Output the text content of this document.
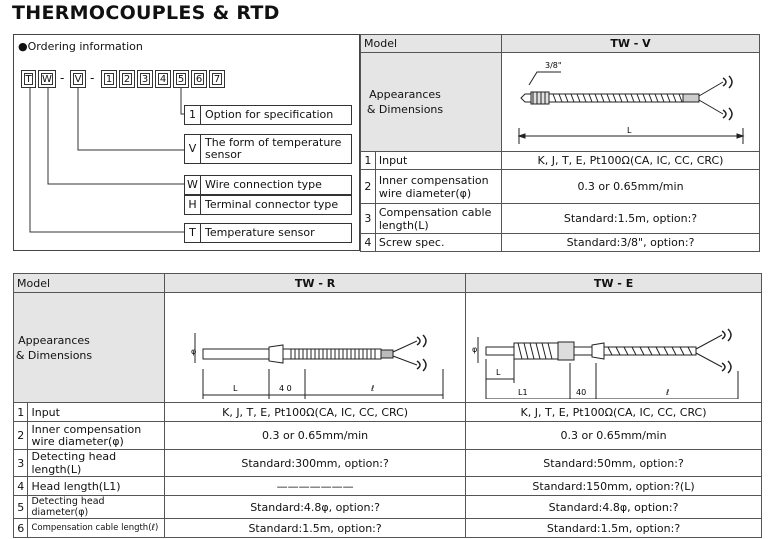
THERMOCOUPLES & RTD
●Ordering information
T W - V - 1 2 3 4 5 6 7
1 Option for specification
V The form of temperature sensor
W Wire connection type
H Terminal connector type
T Temperature sensor
Model		TW - V

Appearances & Dimensions

1	Input	K, J, T, E, Pt100Ω(CA, IC, CC, CRC)
2	Inner compensation wire diameter(φ)	0.3 or 0.65mm/min
3	Compensation cable length(L)	Standard:1.5m, option:?
4	Screw spec.	Standard:3/8", option:?
3/8"
L
Model		TW - R	TW - E

Appearances & Dimensions		φ
L 4 0 ℓ	φ
L
L1 40 ℓ

1	Input	K, J, T, E, Pt100Ω(CA, IC, CC, CRC)	K, J, T, E, Pt100Ω(CA, IC, CC, CRC)
2	Inner compensation wire diameter(φ)	0.3 or 0.65mm/min	0.3 or 0.65mm/min
3	Detecting head length(L)	Standard:300mm, option:?	Standard:50mm, option:?
4	Head length(L1)	———————	Standard:150mm, option:?(L)
5	Detecting head diameter(φ)	Standard:4.8φ, option:?	Standard:4.8φ, option:?
6	Compensation cable length(ℓ)	Standard:1.5m, option:?	Standard:1.5m, option:?
